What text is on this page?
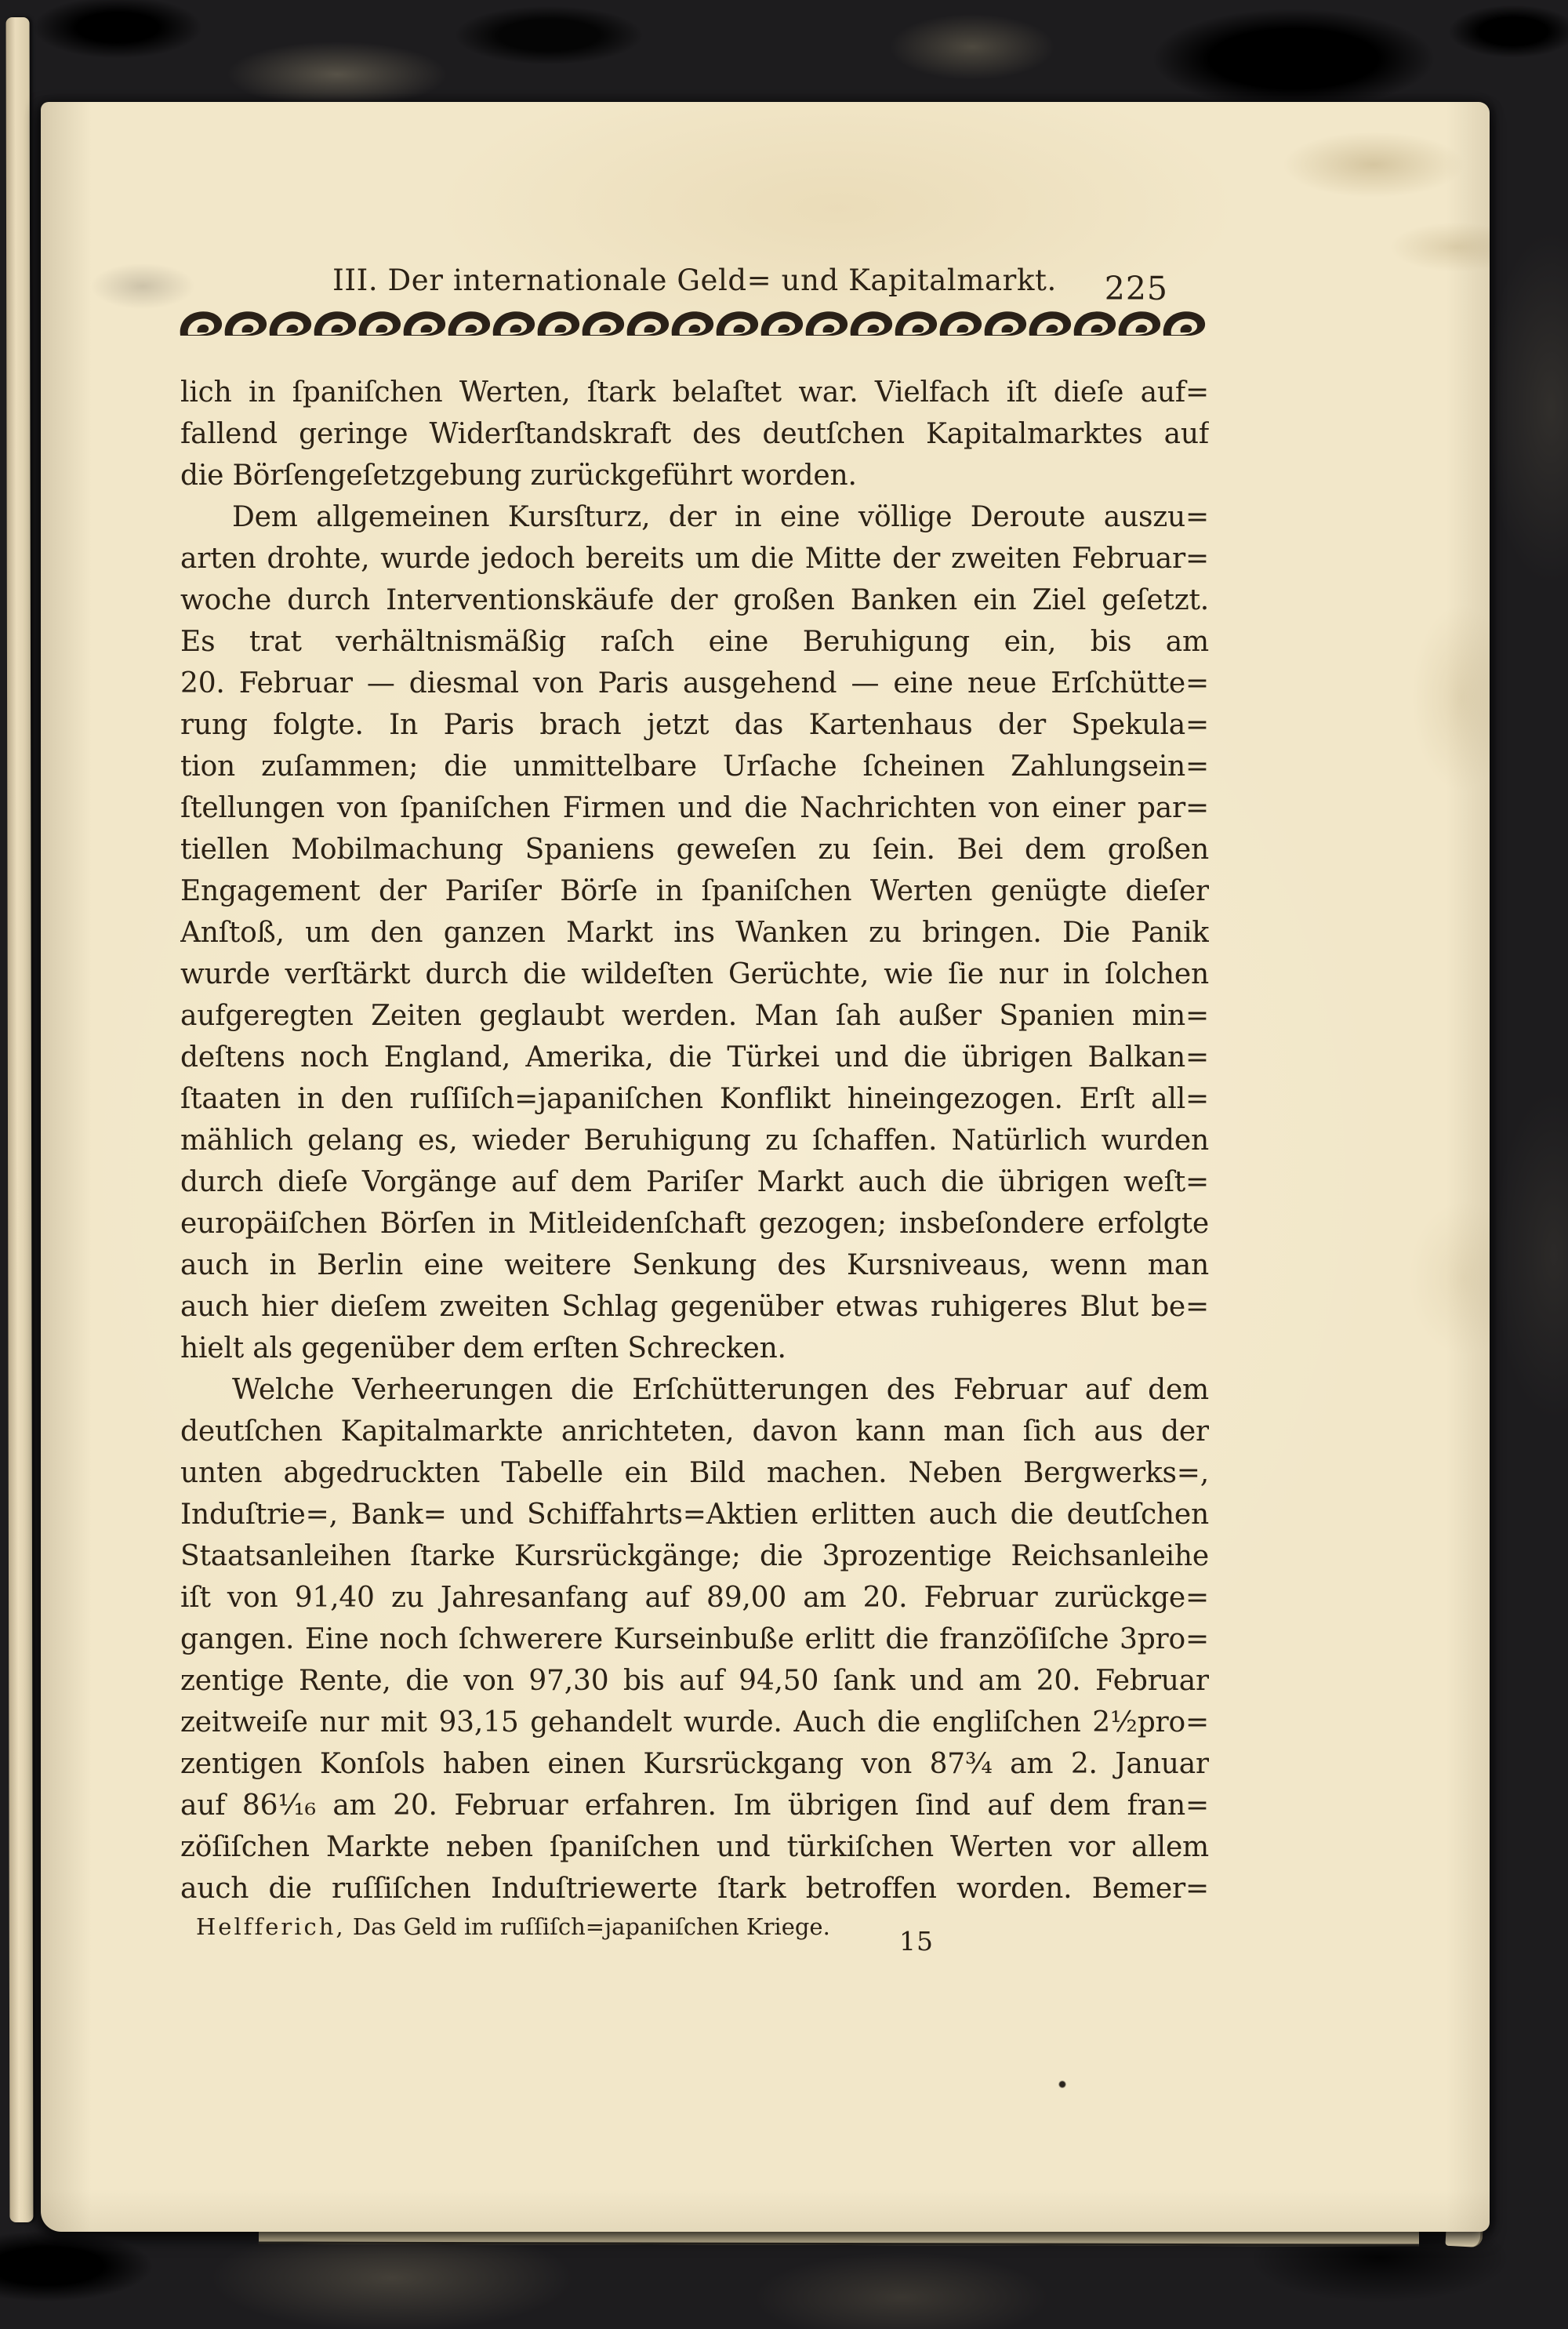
III. Der internationale Geld= und Kapitalmarkt. 225
lich in ſpaniſchen Werten, ſtark belaſtet war. Vielfach iſt dieſe auf=
fallend geringe Widerſtandskraft des deutſchen Kapitalmarktes auf
die Börſengeſetzgebung zurückgeführt worden.
Dem allgemeinen Kursſturz, der in eine völlige Deroute auszu=
arten drohte, wurde jedoch bereits um die Mitte der zweiten Februar=
woche durch Interventionskäufe der großen Banken ein Ziel geſetzt.
Es trat verhältnismäßig raſch eine Beruhigung ein, bis am
20. Februar — diesmal von Paris ausgehend — eine neue Erſchütte=
rung folgte. In Paris brach jetzt das Kartenhaus der Spekula=
tion zuſammen; die unmittelbare Urſache ſcheinen Zahlungsein=
ſtellungen von ſpaniſchen Firmen und die Nachrichten von einer par=
tiellen Mobilmachung Spaniens geweſen zu ſein. Bei dem großen
Engagement der Pariſer Börſe in ſpaniſchen Werten genügte dieſer
Anſtoß, um den ganzen Markt ins Wanken zu bringen. Die Panik
wurde verſtärkt durch die wildeſten Gerüchte, wie ſie nur in ſolchen
aufgeregten Zeiten geglaubt werden. Man ſah außer Spanien min=
deſtens noch England, Amerika, die Türkei und die übrigen Balkan=
ſtaaten in den ruſſiſch=japaniſchen Konflikt hineingezogen. Erſt all=
mählich gelang es, wieder Beruhigung zu ſchaffen. Natürlich wurden
durch dieſe Vorgänge auf dem Pariſer Markt auch die übrigen weſt=
europäiſchen Börſen in Mitleidenſchaft gezogen; insbeſondere erfolgte
auch in Berlin eine weitere Senkung des Kursniveaus, wenn man
auch hier dieſem zweiten Schlag gegenüber etwas ruhigeres Blut be=
hielt als gegenüber dem erſten Schrecken.
Welche Verheerungen die Erſchütterungen des Februar auf dem
deutſchen Kapitalmarkte anrichteten, davon kann man ſich aus der
unten abgedruckten Tabelle ein Bild machen. Neben Bergwerks=,
Induſtrie=, Bank= und Schiffahrts=Aktien erlitten auch die deutſchen
Staatsanleihen ſtarke Kursrückgänge; die 3prozentige Reichsanleihe
iſt von 91,40 zu Jahresanfang auf 89,00 am 20. Februar zurückge=
gangen. Eine noch ſchwerere Kurseinbuße erlitt die franzöſiſche 3pro=
zentige Rente, die von 97,30 bis auf 94,50 ſank und am 20. Februar
zeitweiſe nur mit 93,15 gehandelt wurde. Auch die engliſchen 2½pro=
zentigen Konſols haben einen Kursrückgang von 87¾ am 2. Januar
auf 86¹⁄₁₆ am 20. Februar erfahren. Im übrigen ſind auf dem fran=
zöſiſchen Markte neben ſpaniſchen und türkiſchen Werten vor allem
auch die ruſſiſchen Induſtriewerte ſtark betroffen worden. Bemer=
Helfferich, Das Geld im ruſſiſch=japaniſchen Kriege.	15
